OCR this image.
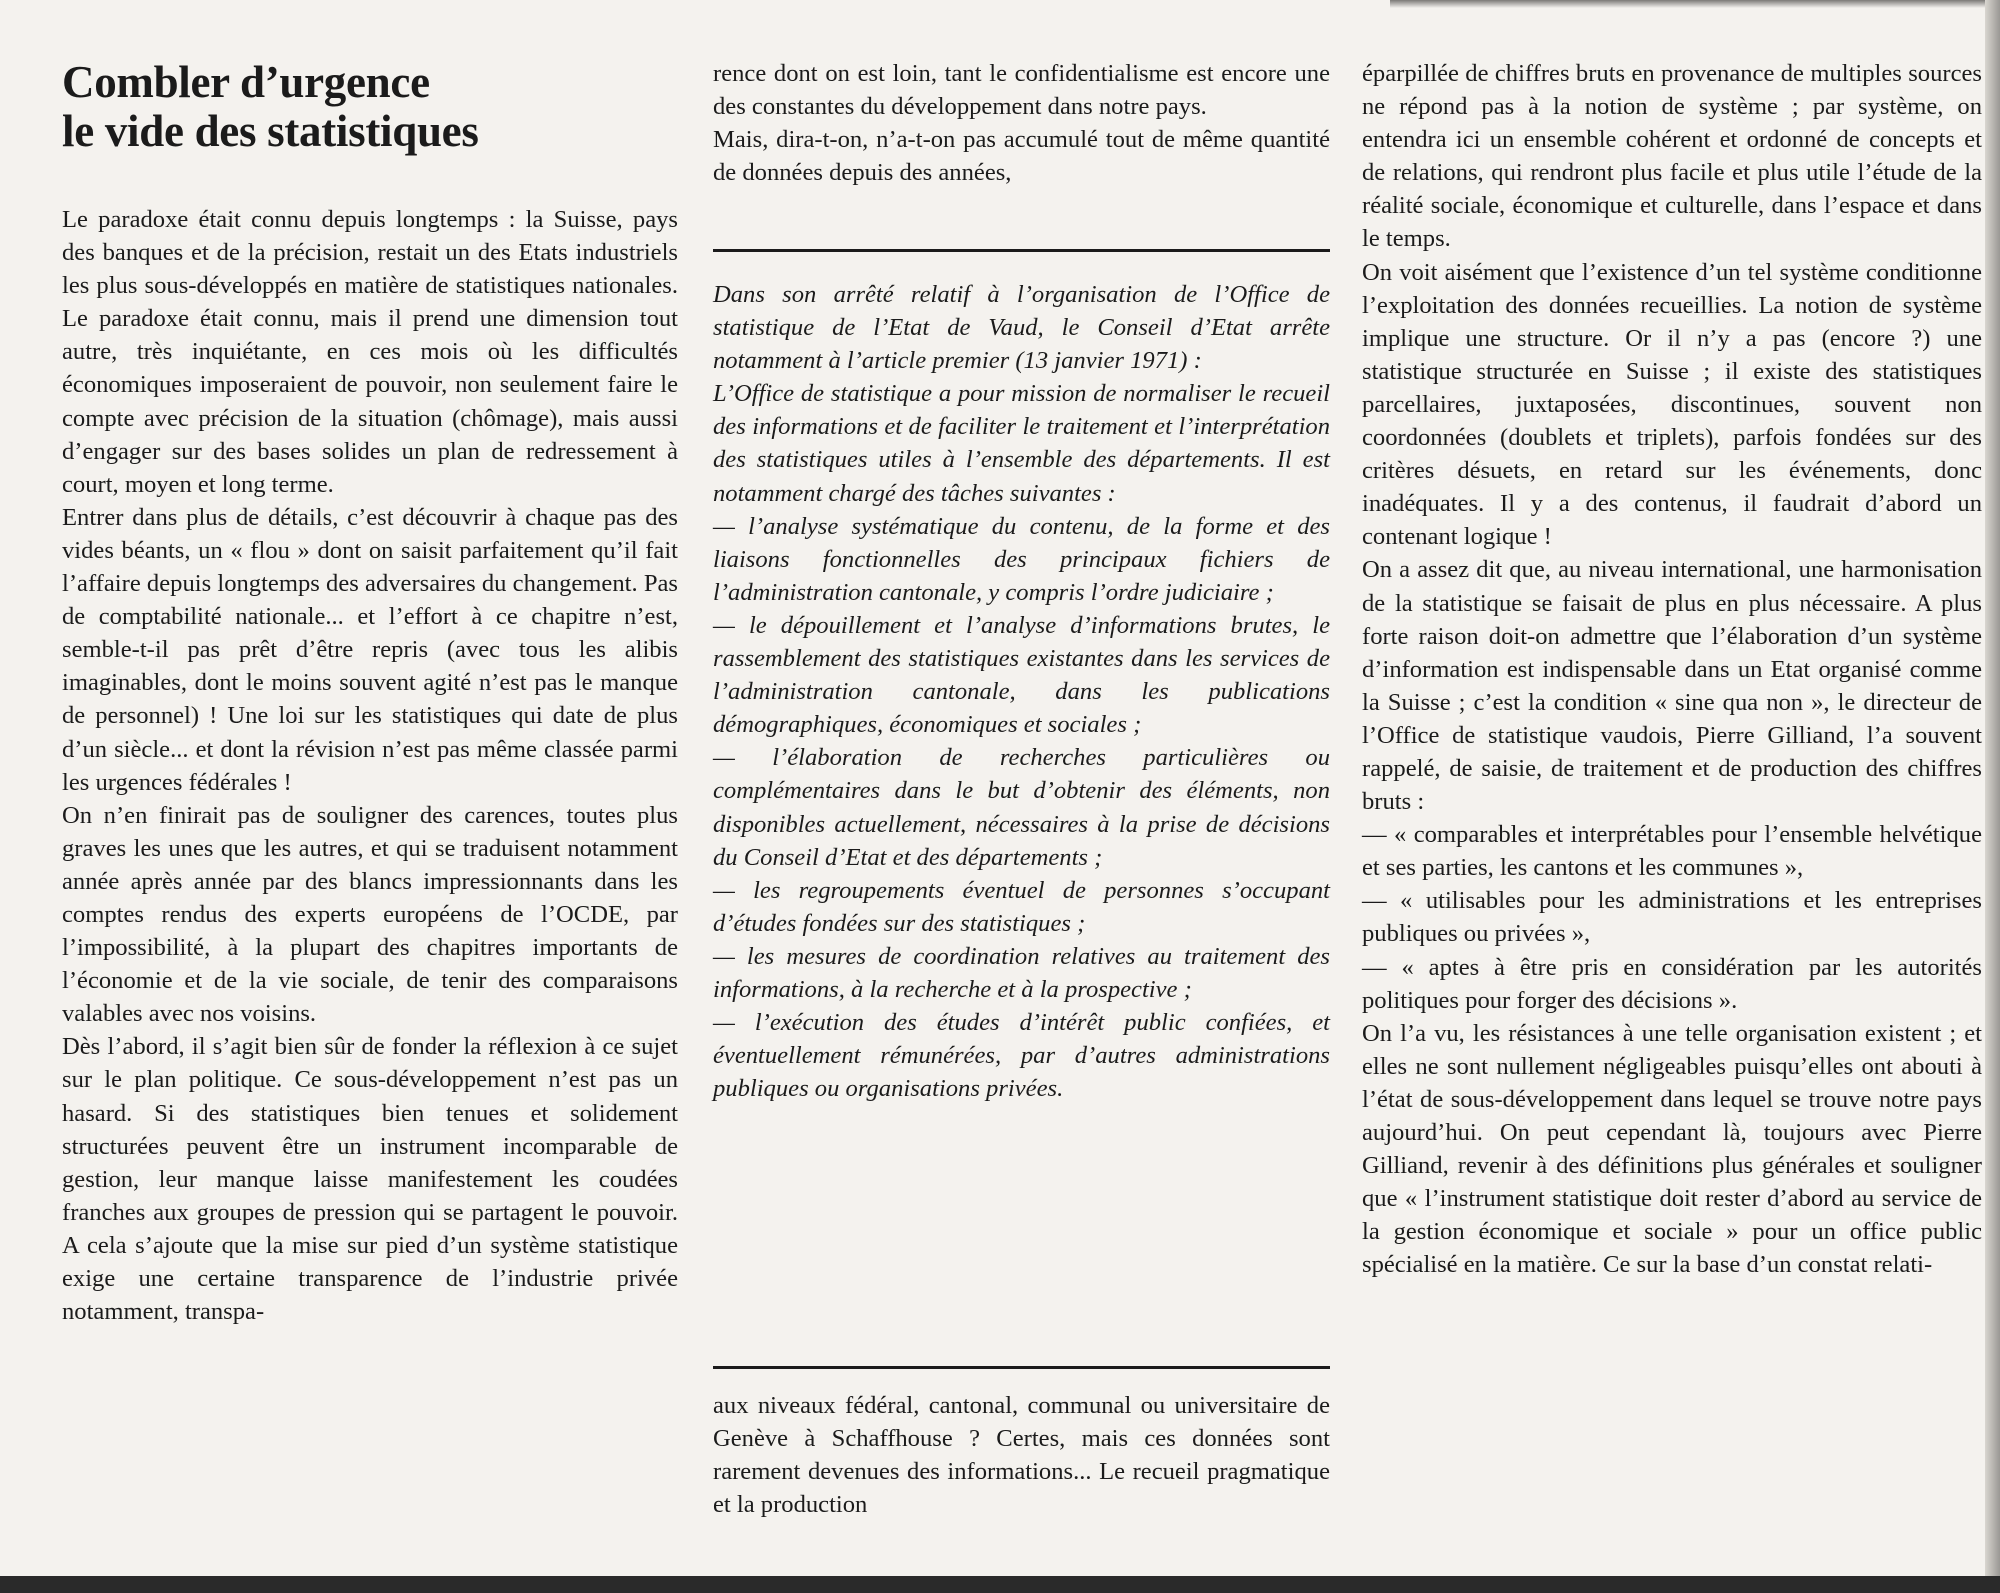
Combler d’urgence
le vide des statistiques

Le paradoxe était connu depuis longtemps : la Suisse, pays des banques et de la précision, restait un des Etats industriels les plus sous-développés en matière de statistiques nationales. Le paradoxe était connu, mais il prend une dimension tout autre, très inquiétante, en ces mois où les difficultés économiques imposeraient de pouvoir, non seulement faire le compte avec précision de la situation (chômage), mais aussi d’engager sur des bases solides un plan de redressement à court, moyen et long terme.

Entrer dans plus de détails, c’est découvrir à chaque pas des vides béants, un « flou » dont on saisit parfaitement qu’il fait l’affaire depuis longtemps des adversaires du changement. Pas de comptabilité nationale... et l’effort à ce chapitre n’est, semble-t-il pas prêt d’être repris (avec tous les alibis imaginables, dont le moins souvent agité n’est pas le manque de personnel) ! Une loi sur les statistiques qui date de plus d’un siècle... et dont la révision n’est pas même classée parmi les urgences fédérales !

On n’en finirait pas de souligner des carences, toutes plus graves les unes que les autres, et qui se traduisent notamment année après année par des blancs impressionnants dans les comptes rendus des experts européens de l’OCDE, par l’impossibilité, à la plupart des chapitres importants de l’économie et de la vie sociale, de tenir des comparaisons valables avec nos voisins.

Dès l’abord, il s’agit bien sûr de fonder la réflexion à ce sujet sur le plan politique. Ce sous-développement n’est pas un hasard. Si des statistiques bien tenues et solidement structurées peuvent être un instrument incomparable de gestion, leur manque laisse manifestement les coudées franches aux groupes de pression qui se partagent le pouvoir. A cela s’ajoute que la mise sur pied d’un système statistique exige une certaine transparence de l’industrie privée notamment, transpa-

rence dont on est loin, tant le confidentialisme est encore une des constantes du développement dans notre pays.

Mais, dira-t-on, n’a-t-on pas accumulé tout de même quantité de données depuis des années,

Dans son arrêté relatif à l’organisation de l’Office de statistique de l’Etat de Vaud, le Conseil d’Etat arrête notamment à l’article premier (13 janvier 1971) :

L’Office de statistique a pour mission de normaliser le recueil des informations et de faciliter le traitement et l’interprétation des statistiques utiles à l’ensemble des départements. Il est notamment chargé des tâches suivantes :

— l’analyse systématique du contenu, de la forme et des liaisons fonctionnelles des principaux fichiers de l’administration cantonale, y compris l’ordre judiciaire ;

— le dépouillement et l’analyse d’informations brutes, le rassemblement des statistiques existantes dans les services de l’administration cantonale, dans les publications démographiques, économiques et sociales ;

— l’élaboration de recherches particulières ou complémentaires dans le but d’obtenir des éléments, non disponibles actuellement, nécessaires à la prise de décisions du Conseil d’Etat et des départements ;

— les regroupements éventuel de personnes s’occupant d’études fondées sur des statistiques ;

— les mesures de coordination relatives au traitement des informations, à la recherche et à la prospective ;

— l’exécution des études d’intérêt public confiées, et éventuellement rémunérées, par d’autres administrations publiques ou organisations privées.

aux niveaux fédéral, cantonal, communal ou universitaire de Genève à Schaffhouse ? Certes, mais ces données sont rarement devenues des informations... Le recueil pragmatique et la production

éparpillée de chiffres bruts en provenance de multiples sources ne répond pas à la notion de système ; par système, on entendra ici un ensemble cohérent et ordonné de concepts et de relations, qui rendront plus facile et plus utile l’étude de la réalité sociale, économique et culturelle, dans l’espace et dans le temps.

On voit aisément que l’existence d’un tel système conditionne l’exploitation des données recueillies. La notion de système implique une structure. Or il n’y a pas (encore ?) une statistique structurée en Suisse ; il existe des statistiques parcellaires, juxtaposées, discontinues, souvent non coordonnées (doublets et triplets), parfois fondées sur des critères désuets, en retard sur les événements, donc inadéquates. Il y a des contenus, il faudrait d’abord un contenant logique !

On a assez dit que, au niveau international, une harmonisation de la statistique se faisait de plus en plus nécessaire. A plus forte raison doit-on admettre que l’élaboration d’un système d’information est indispensable dans un Etat organisé comme la Suisse ; c’est la condition « sine qua non », le directeur de l’Office de statistique vaudois, Pierre Gilliand, l’a souvent rappelé, de saisie, de traitement et de production des chiffres bruts :

— « comparables et interprétables pour l’ensemble helvétique et ses parties, les cantons et les communes »,

— « utilisables pour les administrations et les entreprises publiques ou privées »,

— « aptes à être pris en considération par les autorités politiques pour forger des décisions ».

On l’a vu, les résistances à une telle organisation existent ; et elles ne sont nullement négligeables puisqu’elles ont abouti à l’état de sous-développement dans lequel se trouve notre pays aujourd’hui. On peut cependant là, toujours avec Pierre Gilliand, revenir à des définitions plus générales et souligner que « l’instrument statistique doit rester d’abord au service de la gestion économique et sociale » pour un office public spécialisé en la matière. Ce sur la base d’un constat relati-
